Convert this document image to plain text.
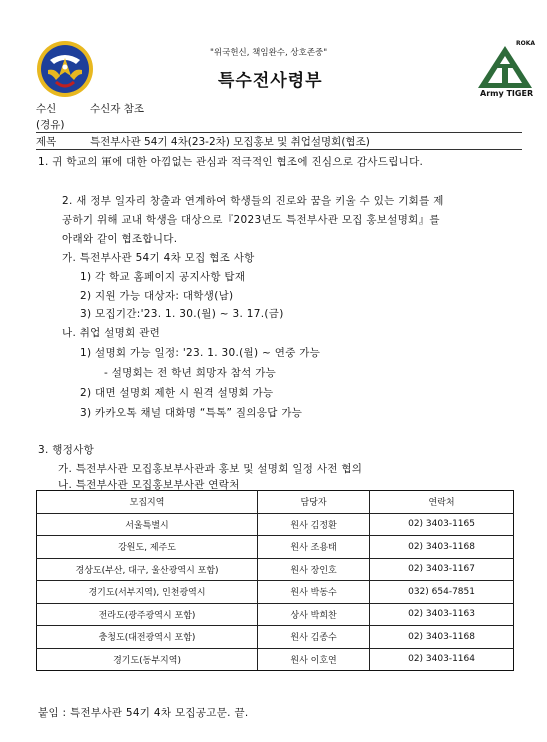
"위국헌신, 책임완수, 상호존중"
특수전사령부
ROKA
Army TIGER
수신	수신자 참조
(경유)
제목	특전부사관 54기 4차(23-2차) 모집홍보 및 취업설명회(협조)
1. 귀 학교의 軍에 대한 아낌없는 관심과 적극적인 협조에 진심으로 감사드립니다.
2. 새 정부 일자리 창출과 연계하여 학생들의 진로와 꿈을 키울 수 있는 기회를 제
공하기 위해 교내 학생을 대상으로『2023년도 특전부사관 모집 홍보설명회』를
아래와 같이 협조합니다.
가. 특전부사관 54기 4차 모집 협조 사항
1) 각 학교 홈페이지 공지사항 탑재
2) 지원 가능 대상자: 대학생(남)
3) 모집기간:'23. 1. 30.(월) ~ 3. 17.(금)
나. 취업 설명회 관련
1) 설명회 가능 일정: '23. 1. 30.(월) ~ 연중 가능
- 설명회는 전 학년 희망자 참석 가능
2) 대면 설명회 제한 시 원격 설명회 가능
3) 카카오톡 채널 대화명 “특톡” 질의응답 가능
3. 행정사항
가. 특전부사관 모집홍보부사관과 홍보 및 설명회 일정 사전 협의
나. 특전부사관 모집홍보부사관 연락처
모집지역	담당자	연락처
서울특별시	원사 김정환	02) 3403-1165
강원도, 제주도	원사 조용태	02) 3403-1168
경상도(부산, 대구, 울산광역시 포함)	원사 장인호	02) 3403-1167
경기도(서부지역), 인천광역시	원사 박동수	032) 654-7851
전라도(광주광역시 포함)	상사 박희찬	02) 3403-1163
충청도(대전광역시 포함)	원사 김종수	02) 3403-1168
경기도(동부지역)	원사 이호연	02) 3403-1164
붙임 : 특전부사관 54기 4차 모집공고문. 끝.
